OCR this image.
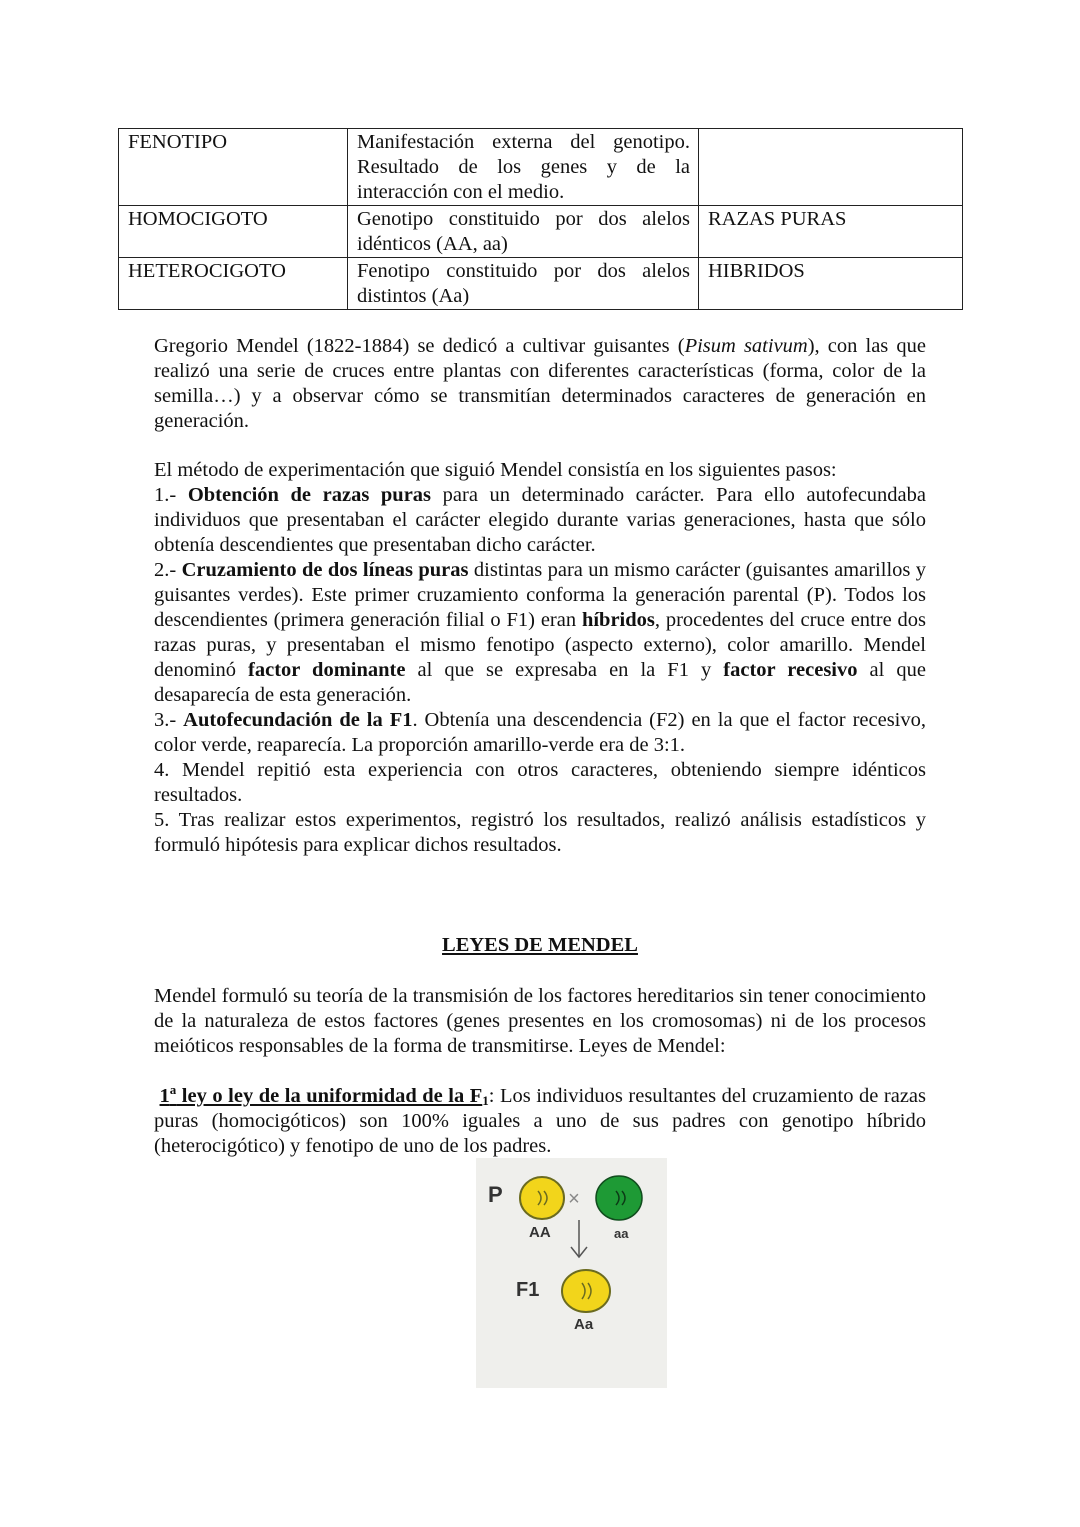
FENOTIPO	Manifestación externa del genotipo. Resultado de los genes y de la interacción con el medio.	
HOMOCIGOTO	Genotipo constituido por dos alelos idénticos (AA, aa)	RAZAS PURAS
HETEROCIGOTO	Fenotipo constituido por dos alelos distintos (Aa)	HIBRIDOS

Gregorio Mendel (1822-1884) se dedicó a cultivar guisantes (Pisum sativum), con las que realizó una serie de cruces entre plantas con diferentes características (forma, color de la semilla…) y a observar cómo se transmitían determinados caracteres de generación en generación.

El método de experimentación que siguió Mendel consistía en los siguientes pasos:

1.- Obtención de razas puras para un determinado carácter. Para ello autofecundaba individuos que presentaban el carácter elegido durante varias generaciones, hasta que sólo obtenía descendientes que presentaban dicho carácter.

2.- Cruzamiento de dos líneas puras distintas para un mismo carácter (guisantes amarillos y guisantes verdes). Este primer cruzamiento conforma la generación parental (P). Todos los descendientes (primera generación filial o F1) eran híbridos, procedentes del cruce entre dos razas puras, y presentaban el mismo fenotipo (aspecto externo), color amarillo. Mendel denominó factor dominante al que se expresaba en la F1 y factor recesivo al que desaparecía de esta generación.

3.- Autofecundación de la F1. Obtenía una descendencia (F2) en la que el factor recesivo, color verde, reaparecía. La proporción amarillo-verde era de 3:1.

4. Mendel repitió esta experiencia con otros caracteres, obteniendo siempre idénticos resultados.

5. Tras realizar estos experimentos, registró los resultados, realizó análisis estadísticos y formuló hipótesis para explicar dichos resultados.

LEYES DE MENDEL

Mendel formuló su teoría de la transmisión de los factores hereditarios sin tener conocimiento de la naturaleza de estos factores (genes presentes en los cromosomas) ni de los procesos meióticos responsables de la forma de transmitirse. Leyes de Mendel:

1$^a$ ley o ley de la uniformidad de la $F_1$: Los individuos resultantes del cruzamiento de razas puras (homocigóticos) son 100% iguales a uno de sus padres con genotipo híbrido (heterocigótico) y fenotipo de uno de los padres.

P	×
AA	aa
F1
Aa
